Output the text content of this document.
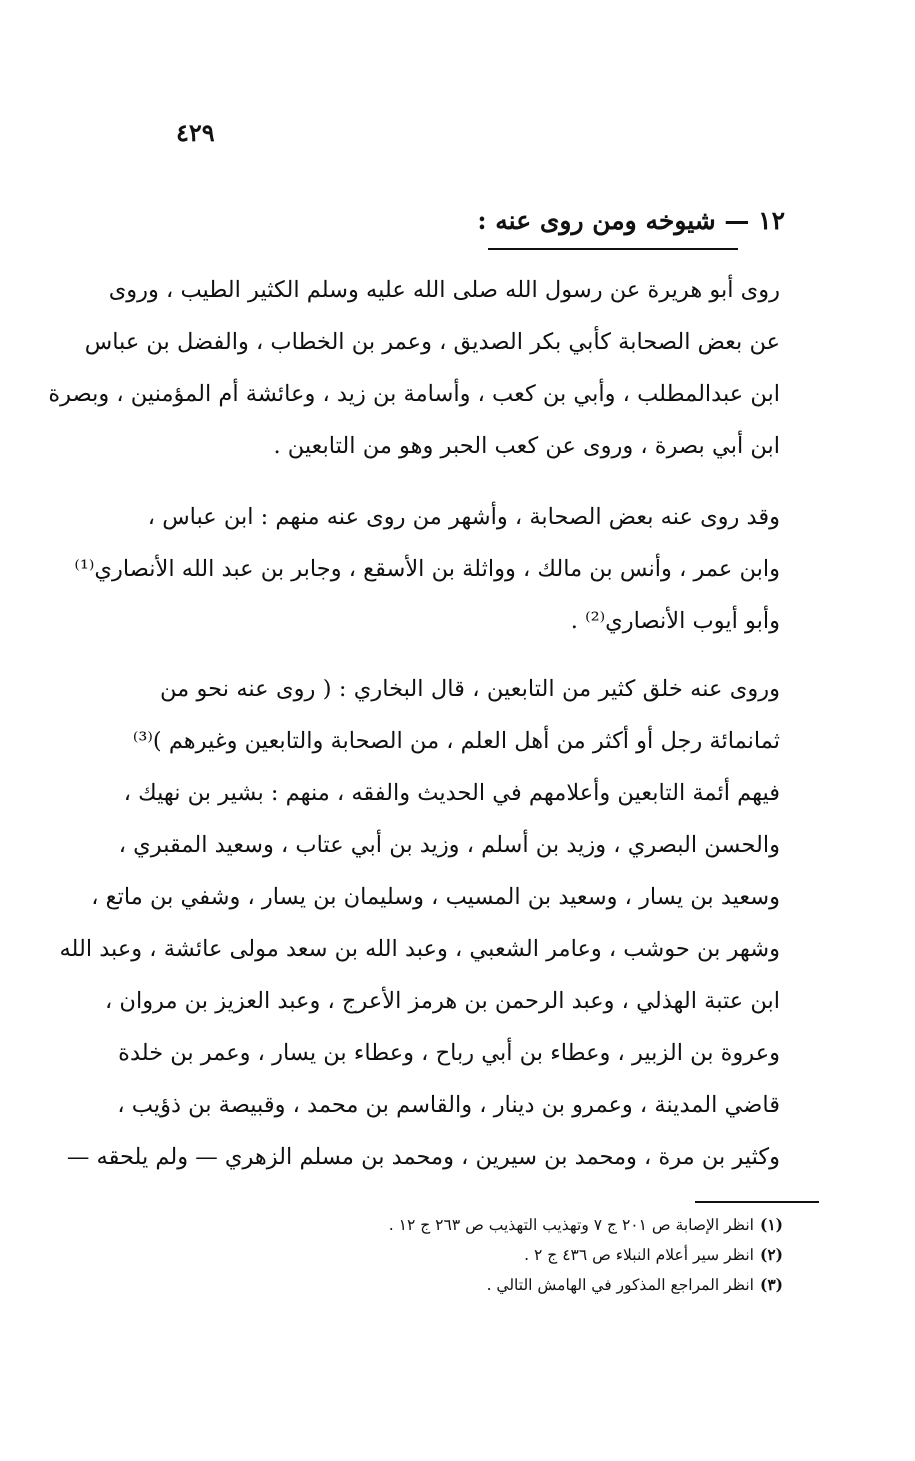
٤٢٩
١٢ — شيوخه ومن روى عنه :
روى أبو هريرة عن رسول الله صلى الله عليه وسلم الكثير الطيب ، وروى
عن بعض الصحابة كأبي بكر الصديق ، وعمر بن الخطاب ، والفضل بن عباس
ابن عبدالمطلب ، وأبي بن كعب ، وأسامة بن زيد ، وعائشة أم المؤمنين ، وبصرة
ابن أبي بصرة ، وروى عن كعب الحبر وهو من التابعين .
وقد روى عنه بعض الصحابة ، وأشهر من روى عنه منهم : ابن عباس ،
وابن عمر ، وأنس بن مالك ، وواثلة بن الأسقع ، وجابر بن عبد الله الأنصاري⁽¹⁾
وأبو أيوب الأنصاري⁽²⁾ .
وروى عنه خلق كثير من التابعين ، قال البخاري : ( روى عنه نحو من
ثمانمائة رجل أو أكثر من أهل العلم ، من الصحابة والتابعين وغيرهم )⁽³⁾
فيهم أئمة التابعين وأعلامهم في الحديث والفقه ، منهم : بشير بن نهيك ،
والحسن البصري ، وزيد بن أسلم ، وزيد بن أبي عتاب ، وسعيد المقبري ،
وسعيد بن يسار ، وسعيد بن المسيب ، وسليمان بن يسار ، وشفي بن ماتع ،
وشهر بن حوشب ، وعامر الشعبي ، وعبد الله بن سعد مولى عائشة ، وعبد الله
ابن عتبة الهذلي ، وعبد الرحمن بن هرمز الأعرج ، وعبد العزيز بن مروان ،
وعروة بن الزبير ، وعطاء بن أبي رباح ، وعطاء بن يسار ، وعمر بن خلدة
قاضي المدينة ، وعمرو بن دينار ، والقاسم بن محمد ، وقبيصة بن ذؤيب ،
وكثير بن مرة ، ومحمد بن سيرين ، ومحمد بن مسلم الزهري — ولم يلحقه —
(١)انظر الإصابة ص ٢٠١ ج ٧ وتهذيب التهذيب ص ٢٦٣ ج ١٢ .
(٢)انظر سير أعلام النبلاء ص ٤٣٦ ج ٢ .
(٣)انظر المراجع المذكور في الهامش التالي .
